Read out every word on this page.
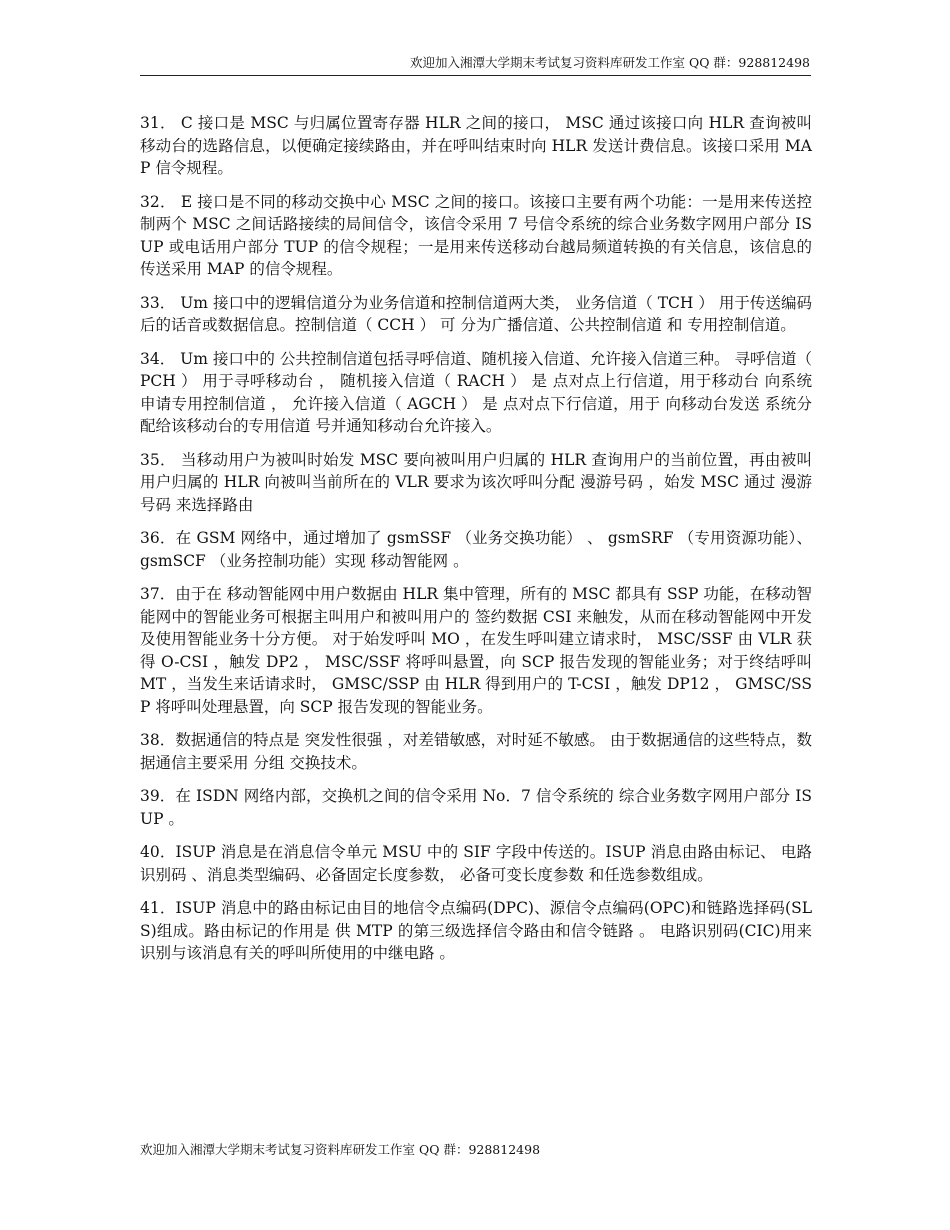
欢迎加入湘潭大学期末考试复习资料库研发工作室 QQ 群：928812498

31． C 接口是 MSC 与归属位置寄存器 HLR 之间的接口， MSC 通过该接口向 HLR 查询被叫移动台的选路信息，以便确定接续路由，并在呼叫结束时向 HLR 发送计费信息。该接口采用 MAP 信令规程。

32． E 接口是不同的移动交换中心 MSC 之间的接口。该接口主要有两个功能：一是用来传送控制两个 MSC 之间话路接续的局间信令，该信令采用 7 号信令系统的综合业务数字网用户部分 ISUP 或电话用户部分 TUP 的信令规程；一是用来传送移动台越局频道转换的有关信息，该信息的传送采用 MAP 的信令规程。

33． Um 接口中的逻辑信道分为业务信道和控制信道两大类， 业务信道（ TCH ） 用于传送编码后的话音或数据信息。控制信道（ CCH ） 可 分为广播信道、公共控制信道 和 专用控制信道。

34． Um 接口中的 公共控制信道包括寻呼信道、随机接入信道、允许接入信道三种。 寻呼信道（ PCH ） 用于寻呼移动台 ， 随机接入信道（ RACH ） 是 点对点上行信道，用于移动台 向系统 申请专用控制信道 ， 允许接入信道（ AGCH ） 是 点对点下行信道，用于 向移动台发送 系统分配给该移动台的专用信道 号并通知移动台允许接入。

35． 当移动用户为被叫时始发 MSC 要向被叫用户归属的 HLR 查询用户的当前位置，再由被叫用户归属的 HLR 向被叫当前所在的 VLR 要求为该次呼叫分配 漫游号码 ，始发 MSC 通过 漫游号码 来选择路由

36．在 GSM 网络中，通过增加了 gsmSSF （业务交换功能） 、 gsmSRF （专用资源功能）、 gsmSCF （业务控制功能）实现 移动智能网 。

37．由于在 移动智能网中用户数据由 HLR 集中管理，所有的 MSC 都具有 SSP 功能，在移动智能网中的智能业务可根据主叫用户和被叫用户的 签约数据 CSI 来触发，从而在移动智能网中开发及使用智能业务十分方便。 对于始发呼叫 MO ，在发生呼叫建立请求时， MSC/SSF 由 VLR 获得 O-CSI ，触发 DP2 ， MSC/SSF 将呼叫悬置，向 SCP 报告发现的智能业务；对于终结呼叫 MT ，当发生来话请求时， GMSC/SSP 由 HLR 得到用户的 T-CSI ，触发 DP12 ， GMSC/SSP 将呼叫处理悬置，向 SCP 报告发现的智能业务。

38．数据通信的特点是 突发性很强 ，对差错敏感，对时延不敏感。 由于数据通信的这些特点，数据通信主要采用 分组 交换技术。

39．在 ISDN 网络内部，交换机之间的信令采用 No．7 信令系统的 综合业务数字网用户部分 ISUP 。

40．ISUP 消息是在消息信令单元 MSU 中的 SIF 字段中传送的。ISUP 消息由路由标记、 电路识别码 、消息类型编码、必备固定长度参数， 必备可变长度参数 和任选参数组成。

41．ISUP 消息中的路由标记由目的地信令点编码(DPC)、源信令点编码(OPC)和链路选择码(SLS)组成。路由标记的作用是 供 MTP 的第三级选择信令路由和信令链路 。 电路识别码(CIC)用来 识别与该消息有关的呼叫所使用的中继电路 。

欢迎加入湘潭大学期末考试复习资料库研发工作室 QQ 群：928812498
